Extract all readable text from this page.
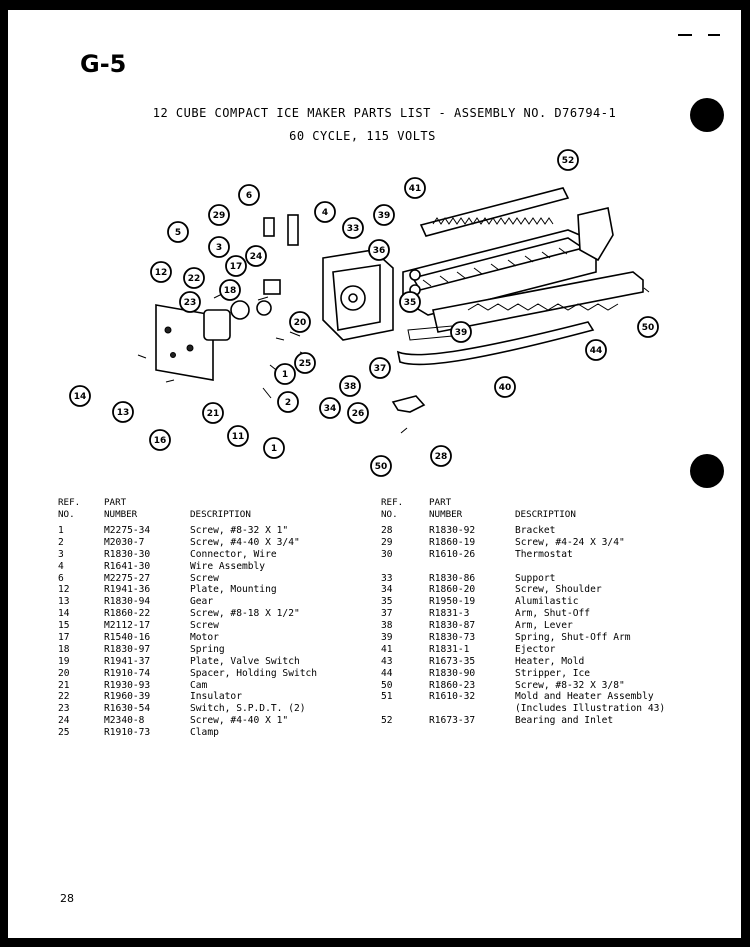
G-5
12 CUBE COMPACT ICE MAKER PARTS LIST - ASSEMBLY NO. D76794-1
60 CYCLE, 115 VOLTS
52
41
39
33
36
35
4
25
3
24
17
22
23
12
5
18
20
37
38
1
2
26
34
39
40
44
50
6
14
13
29
21
11
1
16
28
50
REF.
NO.
PART
NUMBER	DESCRIPTION
1	M2275-34	Screw, #8-32 X 1"
2	M2030-7	Screw, #4-40 X 3/4"
3	R1830-30	Connector, Wire
4	R1641-30	Wire Assembly
6	M2275-27	Screw
12	R1941-36	Plate, Mounting
13	R1830-94	Gear
14	R1860-22	Screw, #8-18 X 1/2"
15	M2112-17	Screw
17	R1540-16	Motor
18	R1830-97	Spring
19	R1941-37	Plate, Valve Switch
20	R1910-74	Spacer, Holding Switch
21	R1930-93	Cam
22	R1960-39	Insulator
23	R1630-54	Switch, S.P.D.T. (2)
24	M2340-8	Screw, #4-40 X 1"
25	R1910-73	Clamp
REF.
NO.
PART
NUMBER	DESCRIPTION
28	R1830-92	Bracket
29	R1860-19	Screw, #4-24 X 3/4"
30	R1610-26	Thermostat
33	R1830-86	Support
34	R1860-20	Screw, Shoulder
35	R1950-19	Alumilastic
37	R1831-3	Arm, Shut-Off
38	R1830-87	Arm, Lever
39	R1830-73	Spring, Shut-Off Arm
41	R1831-1	Ejector
43	R1673-35	Heater, Mold
44	R1830-90	Stripper, Ice
50	R1860-23	Screw, #8-32 X 3/8"
51	R1610-32	Mold and Heater Assembly
(Includes Illustration 43)
52	R1673-37	Bearing and Inlet
28
